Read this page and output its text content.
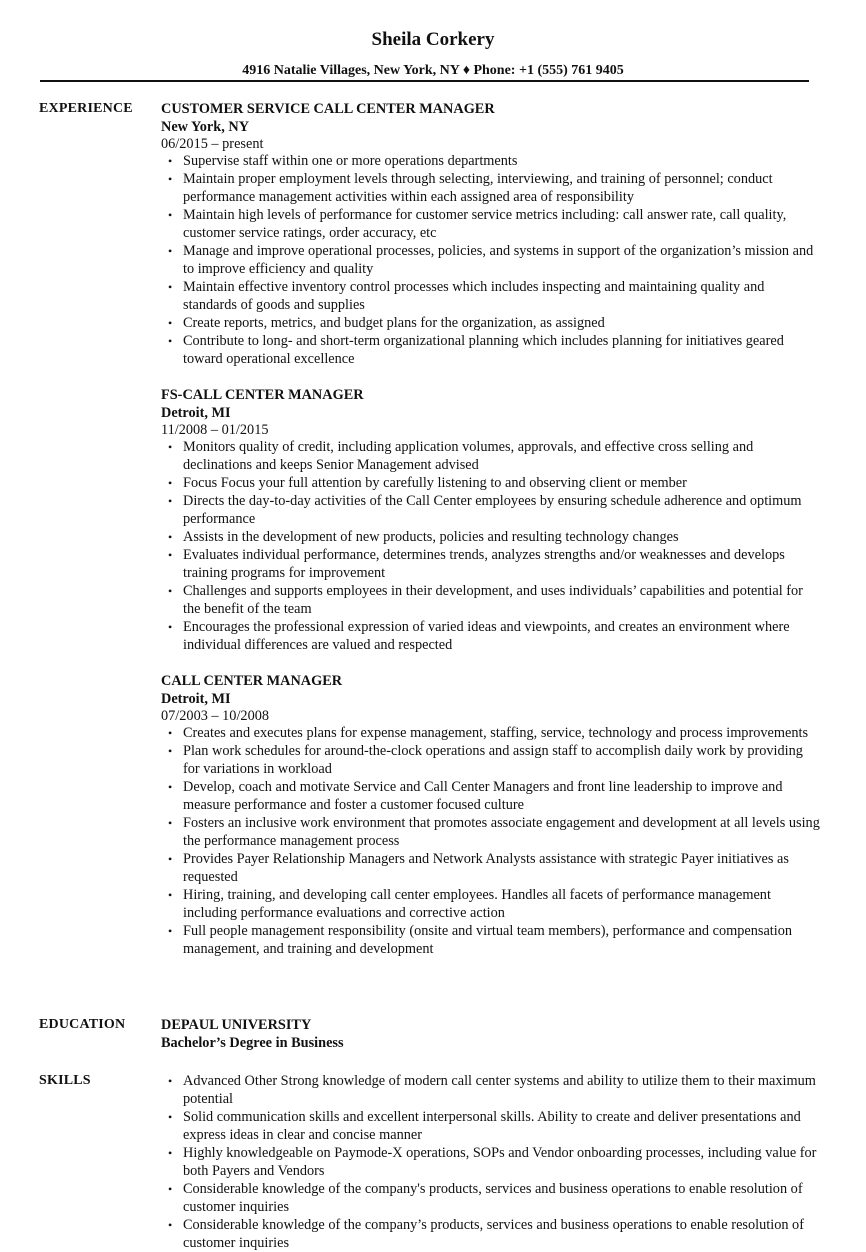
Sheila Corkery
4916 Natalie Villages, New York, NY ♦ Phone: +1 (555) 761 9405
EXPERIENCE CUSTOMER SERVICE CALL CENTER MANAGER
New York, NY
06/2015 – present
• Supervise staff within one or more operations departments
• Maintain proper employment levels through selecting, interviewing, and training of personnel; conduct performance management activities within each assigned area of responsibility
• Maintain high levels of performance for customer service metrics including: call answer rate, call quality, customer service ratings, order accuracy, etc
• Manage and improve operational processes, policies, and systems in support of the organization’s mission and to improve efficiency and quality
• Maintain effective inventory control processes which includes inspecting and maintaining quality and standards of goods and supplies
• Create reports, metrics, and budget plans for the organization, as assigned
• Contribute to long- and short-term organizational planning which includes planning for initiatives geared toward operational excellence
FS-CALL CENTER MANAGER
Detroit, MI
11/2008 – 01/2015
• Monitors quality of credit, including application volumes, approvals, and effective cross selling and declinations and keeps Senior Management advised
• Focus Focus your full attention by carefully listening to and observing client or member
• Directs the day-to-day activities of the Call Center employees by ensuring schedule adherence and optimum performance
• Assists in the development of new products, policies and resulting technology changes
• Evaluates individual performance, determines trends, analyzes strengths and/or weaknesses and develops training programs for improvement
• Challenges and supports employees in their development, and uses individuals’ capabilities and potential for the benefit of the team
• Encourages the professional expression of varied ideas and viewpoints, and creates an environment where individual differences are valued and respected
CALL CENTER MANAGER
Detroit, MI
07/2003 – 10/2008
• Creates and executes plans for expense management, staffing, service, technology and process improvements
• Plan work schedules for around-the-clock operations and assign staff to accomplish daily work by providing for variations in workload
• Develop, coach and motivate Service and Call Center Managers and front line leadership to improve and measure performance and foster a customer focused culture
• Fosters an inclusive work environment that promotes associate engagement and development at all levels using the performance management process
• Provides Payer Relationship Managers and Network Analysts assistance with strategic Payer initiatives as requested
• Hiring, training, and developing call center employees. Handles all facets of performance management including performance evaluations and corrective action
• Full people management responsibility (onsite and virtual team members), performance and compensation management, and training and development
EDUCATION DEPAUL UNIVERSITY
Bachelor’s Degree in Business
SKILLS	• Advanced Other Strong knowledge of modern call center systems and ability to utilize them to their maximum potential
• Solid communication skills and excellent interpersonal skills. Ability to create and deliver presentations and express ideas in clear and concise manner
• Highly knowledgeable on Paymode-X operations, SOPs and Vendor onboarding processes, including value for both Payers and Vendors
• Considerable knowledge of the company's products, services and business operations to enable resolution of customer inquiries
• Considerable knowledge of the company’s products, services and business operations to enable resolution of customer inquiries
